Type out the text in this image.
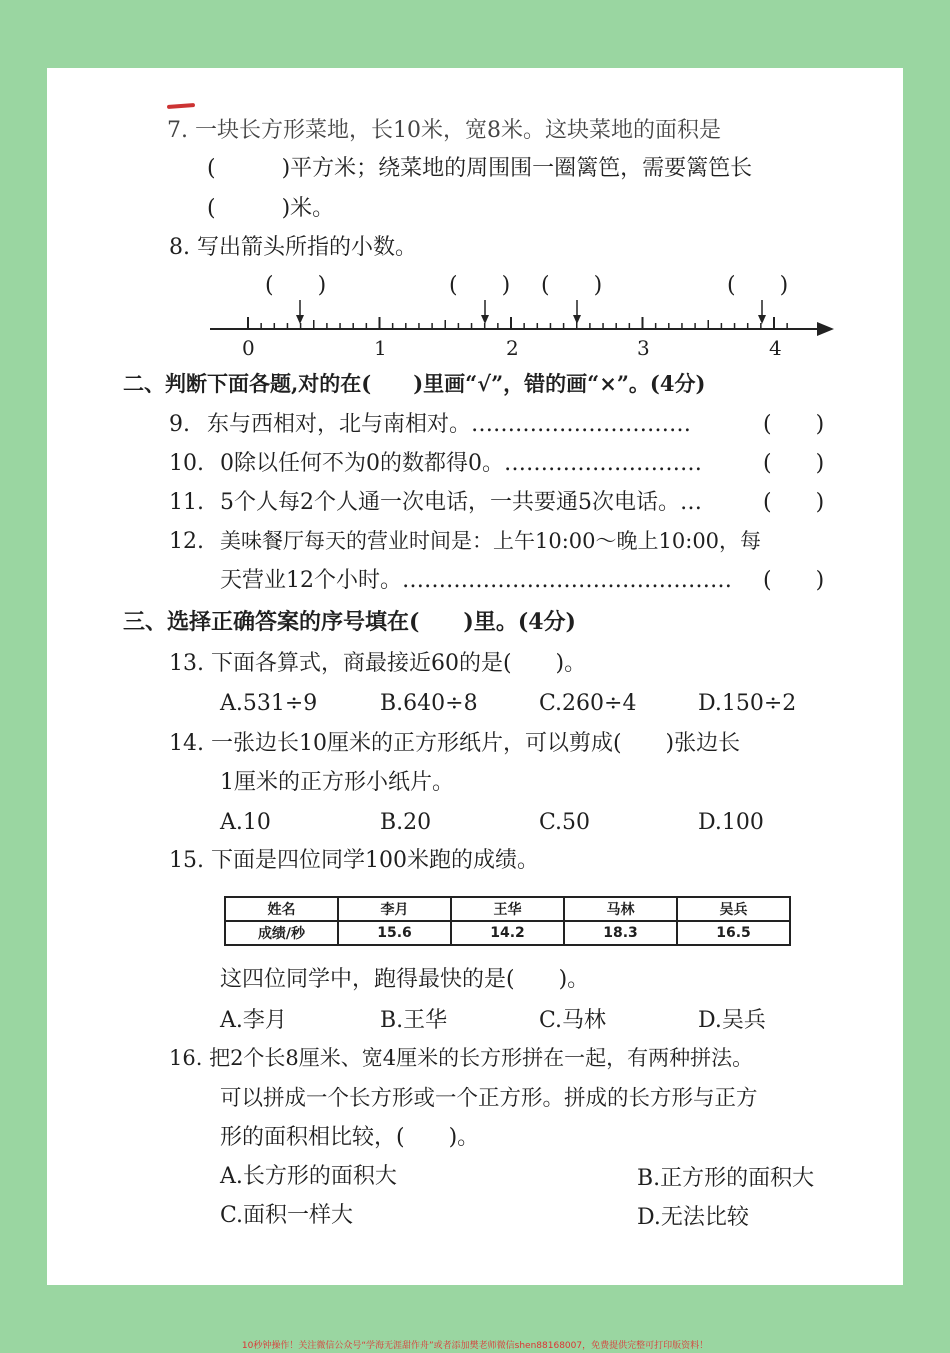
7. 一块长方形菜地，长10米，宽8米。这块菜地的面积是
(　　　)平方米；绕菜地的周围围一圈篱笆，需要篱笆长
(　　　)米。
8. 写出箭头所指的小数。
(　　)	(　　) (　　)	(　　)
0	1	2	3	4
二、判断下面各题,对的在(　　)里画“√”，错的画“×”。(4分)
9. 东与西相对，北与南相对。…………………………	(　　)
10. 0除以任何不为0的数都得0。………………………	(　　)
11. 5个人每2个人通一次电话，一共要通5次电话。…	(　　)
12. 美味餐厅每天的营业时间是：上午10:00～晚上10:00，每
天营业12个小时。……………………………………… (　　)
三、选择正确答案的序号填在(　　)里。(4分)
13. 下面各算式，商最接近60的是(　　)。
A.531÷9	B.640÷8	C.260÷4	D.150÷2
14. 一张边长10厘米的正方形纸片，可以剪成(　　)张边长
1厘米的正方形小纸片。
A.10	B.20	C.50	D.100
15. 下面是四位同学100米跑的成绩。
姓名	李月	王华	马林	吴兵
成绩/秒	15.6	14.2	18.3	16.5
这四位同学中，跑得最快的是(　　)。
A.李月	B.王华	C.马林	D.吴兵
16. 把2个长8厘米、宽4厘米的长方形拼在一起，有两种拼法。
可以拼成一个长方形或一个正方形。拼成的长方形与正方
形的面积相比较，(　　)。
A.长方形的面积大	B.正方形的面积大
C.面积一样大	D.无法比较
10秒钟操作！关注微信公众号“学海无涯甜作舟”或者添加樊老师微信shen88168007，免费提供完整可打印版资料！
